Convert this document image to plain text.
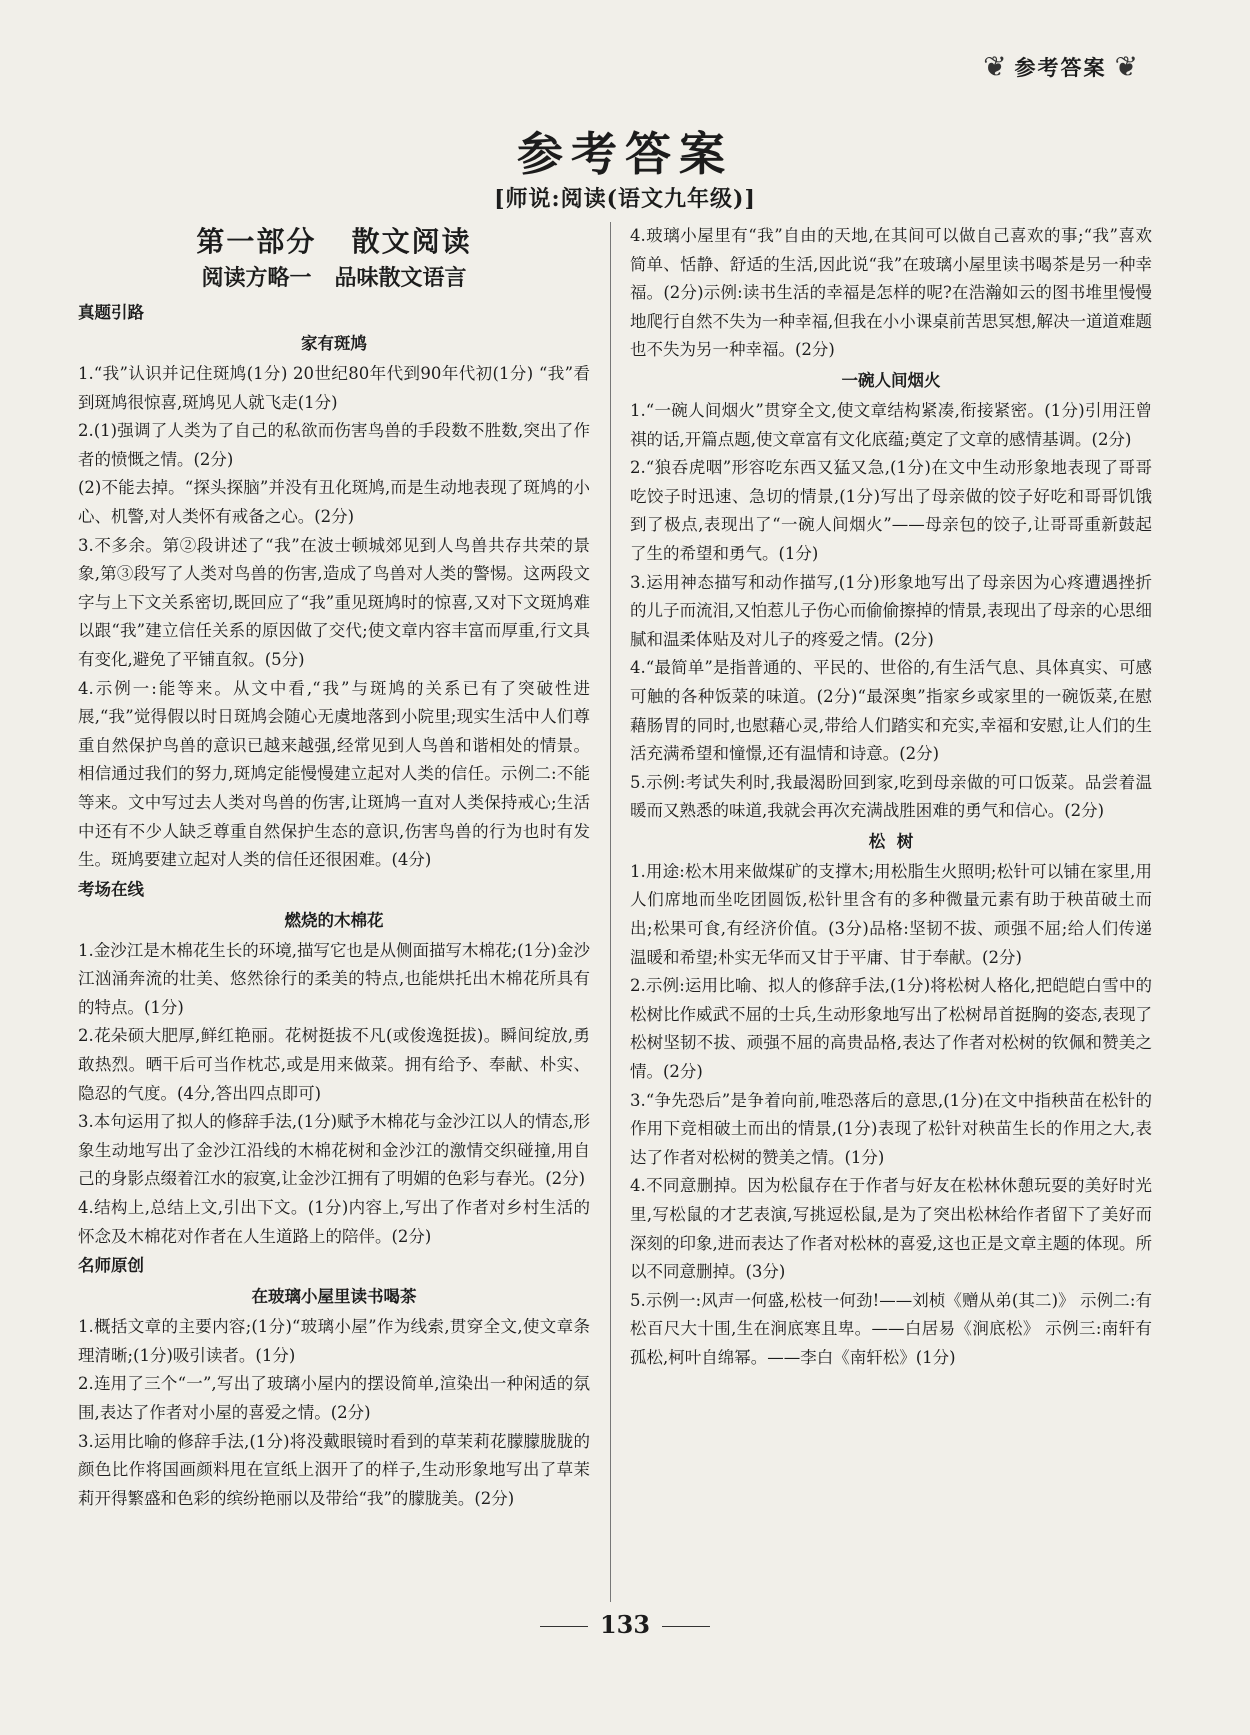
❦ 参考答案 ❦
参考答案
[师说:阅读(语文九年级)]

第一部分   散文阅读

阅读方略一   品味散文语言

真题引路

家有斑鸠

1.“我”认识并记住斑鸠(1分) 20世纪80年代到90年代初(1分) “我”看到斑鸠很惊喜,斑鸠见人就飞走(1分)

2.(1)强调了人类为了自己的私欲而伤害鸟兽的手段数不胜数,突出了作者的愤慨之情。(2分)

(2)不能去掉。“探头探脑”并没有丑化斑鸠,而是生动地表现了斑鸠的小心、机警,对人类怀有戒备之心。(2分)

3.不多余。第②段讲述了“我”在波士顿城郊见到人鸟兽共存共荣的景象,第③段写了人类对鸟兽的伤害,造成了鸟兽对人类的警惕。这两段文字与上下文关系密切,既回应了“我”重见斑鸠时的惊喜,又对下文斑鸠难以跟“我”建立信任关系的原因做了交代;使文章内容丰富而厚重,行文具有变化,避免了平铺直叙。(5分)

4.示例一:能等来。从文中看,“我”与斑鸠的关系已有了突破性进展,“我”觉得假以时日斑鸠会随心无虞地落到小院里;现实生活中人们尊重自然保护鸟兽的意识已越来越强,经常见到人鸟兽和谐相处的情景。相信通过我们的努力,斑鸠定能慢慢建立起对人类的信任。示例二:不能等来。文中写过去人类对鸟兽的伤害,让斑鸠一直对人类保持戒心;生活中还有不少人缺乏尊重自然保护生态的意识,伤害鸟兽的行为也时有发生。斑鸠要建立起对人类的信任还很困难。(4分)

考场在线

燃烧的木棉花

1.金沙江是木棉花生长的环境,描写它也是从侧面描写木棉花;(1分)金沙江汹涌奔流的壮美、悠然徐行的柔美的特点,也能烘托出木棉花所具有的特点。(1分)

2.花朵硕大肥厚,鲜红艳丽。花树挺拔不凡(或俊逸挺拔)。瞬间绽放,勇敢热烈。晒干后可当作枕芯,或是用来做菜。拥有给予、奉献、朴实、隐忍的气度。(4分,答出四点即可)

3.本句运用了拟人的修辞手法,(1分)赋予木棉花与金沙江以人的情态,形象生动地写出了金沙江沿线的木棉花树和金沙江的激情交织碰撞,用自己的身影点缀着江水的寂寞,让金沙江拥有了明媚的色彩与春光。(2分)

4.结构上,总结上文,引出下文。(1分)内容上,写出了作者对乡村生活的怀念及木棉花对作者在人生道路上的陪伴。(2分)

名师原创

在玻璃小屋里读书喝茶

1.概括文章的主要内容;(1分)“玻璃小屋”作为线索,贯穿全文,使文章条理清晰;(1分)吸引读者。(1分)

2.连用了三个“一”,写出了玻璃小屋内的摆设简单,渲染出一种闲适的氛围,表达了作者对小屋的喜爱之情。(2分)

3.运用比喻的修辞手法,(1分)将没戴眼镜时看到的草茉莉花朦朦胧胧的颜色比作将国画颜料甩在宣纸上洇开了的样子,生动形象地写出了草茉莉开得繁盛和色彩的缤纷艳丽以及带给“我”的朦胧美。(2分)

4.玻璃小屋里有“我”自由的天地,在其间可以做自己喜欢的事;“我”喜欢简单、恬静、舒适的生活,因此说“我”在玻璃小屋里读书喝茶是另一种幸福。(2分)示例:读书生活的幸福是怎样的呢?在浩瀚如云的图书堆里慢慢地爬行自然不失为一种幸福,但我在小小课桌前苦思冥想,解决一道道难题也不失为另一种幸福。(2分)

一碗人间烟火

1.“一碗人间烟火”贯穿全文,使文章结构紧凑,衔接紧密。(1分)引用汪曾祺的话,开篇点题,使文章富有文化底蕴;奠定了文章的感情基调。(2分)

2.“狼吞虎咽”形容吃东西又猛又急,(1分)在文中生动形象地表现了哥哥吃饺子时迅速、急切的情景,(1分)写出了母亲做的饺子好吃和哥哥饥饿到了极点,表现出了“一碗人间烟火”——母亲包的饺子,让哥哥重新鼓起了生的希望和勇气。(1分)

3.运用神态描写和动作描写,(1分)形象地写出了母亲因为心疼遭遇挫折的儿子而流泪,又怕惹儿子伤心而偷偷擦掉的情景,表现出了母亲的心思细腻和温柔体贴及对儿子的疼爱之情。(2分)

4.“最简单”是指普通的、平民的、世俗的,有生活气息、具体真实、可感可触的各种饭菜的味道。(2分)“最深奥”指家乡或家里的一碗饭菜,在慰藉肠胃的同时,也慰藉心灵,带给人们踏实和充实,幸福和安慰,让人们的生活充满希望和憧憬,还有温情和诗意。(2分)

5.示例:考试失利时,我最渴盼回到家,吃到母亲做的可口饭菜。品尝着温暖而又熟悉的味道,我就会再次充满战胜困难的勇气和信心。(2分)

松  树

1.用途:松木用来做煤矿的支撑木;用松脂生火照明;松针可以铺在家里,用人们席地而坐吃团圆饭,松针里含有的多种微量元素有助于秧苗破土而出;松果可食,有经济价值。(3分)品格:坚韧不拔、顽强不屈;给人们传递温暖和希望;朴实无华而又甘于平庸、甘于奉献。(2分)

2.示例:运用比喻、拟人的修辞手法,(1分)将松树人格化,把皑皑白雪中的松树比作威武不屈的士兵,生动形象地写出了松树昂首挺胸的姿态,表现了松树坚韧不拔、顽强不屈的高贵品格,表达了作者对松树的钦佩和赞美之情。(2分)

3.“争先恐后”是争着向前,唯恐落后的意思,(1分)在文中指秧苗在松针的作用下竞相破土而出的情景,(1分)表现了松针对秧苗生长的作用之大,表达了作者对松树的赞美之情。(1分)

4.不同意删掉。因为松鼠存在于作者与好友在松林休憩玩耍的美好时光里,写松鼠的才艺表演,写挑逗松鼠,是为了突出松林给作者留下了美好而深刻的印象,进而表达了作者对松林的喜爱,这也正是文章主题的体现。所以不同意删掉。(3分)

5.示例一:风声一何盛,松枝一何劲!——刘桢《赠从弟(其二)》 示例二:有松百尺大十围,生在涧底寒且卑。——白居易《涧底松》 示例三:南轩有孤松,柯叶自绵幂。——李白《南轩松》(1分)

133
